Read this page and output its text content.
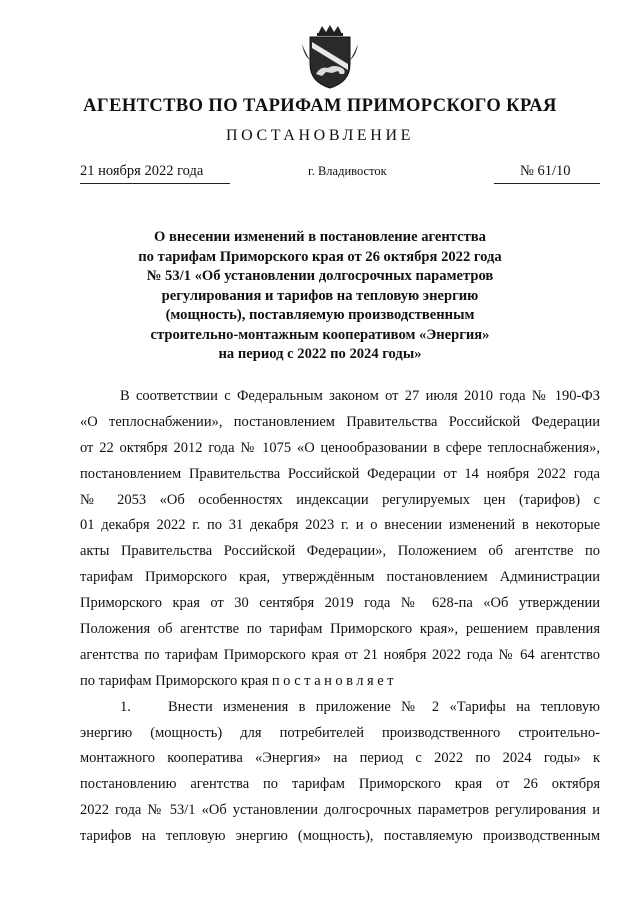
АГЕНТСТВО ПО ТАРИФАМ ПРИМОРСКОГО КРАЯ
ПОСТАНОВЛЕНИЕ
21 ноября 2022 года	г. Владивосток	№ 61/10
О внесении изменений в постановление агентства
по тарифам Приморского края от 26 октября 2022 года
№ 53/1 «Об установлении долгосрочных параметров
регулирования и тарифов на тепловую энергию
(мощность), поставляемую производственным
строительно-монтажным кооперативом «Энергия»
на период с 2022 по 2024 годы»
В соответствии с Федеральным законом от 27 июля 2010 года № 190-ФЗ
«О теплоснабжении», постановлением Правительства Российской Федерации
от 22 октября 2012 года № 1075 «О ценообразовании в сфере теплоснабжения»,
постановлением Правительства Российской Федерации от 14 ноября 2022 года
№ 2053 «Об особенностях индексации регулируемых цен (тарифов) с
01 декабря 2022 г. по 31 декабря 2023 г. и о внесении изменений в некоторые
акты Правительства Российской Федерации», Положением об агентстве по
тарифам Приморского края, утверждённым постановлением Администрации
Приморского края от 30 сентября 2019 года № 628-па «Об утверждении
Положения об агентстве по тарифам Приморского края», решением правления
агентства по тарифам Приморского края от 21 ноября 2022 года № 64 агентство
по тарифам Приморского края постановляет
1.	Внести изменения в приложение № 2 «Тарифы на тепловую
энергию (мощность) для потребителей производственного строительно-
монтажного кооператива «Энергия» на период с 2022 по 2024 годы» к
постановлению агентства по тарифам Приморского края от 26 октября
2022 года № 53/1 «Об установлении долгосрочных параметров регулирования и
тарифов на тепловую энергию (мощность), поставляемую производственным
